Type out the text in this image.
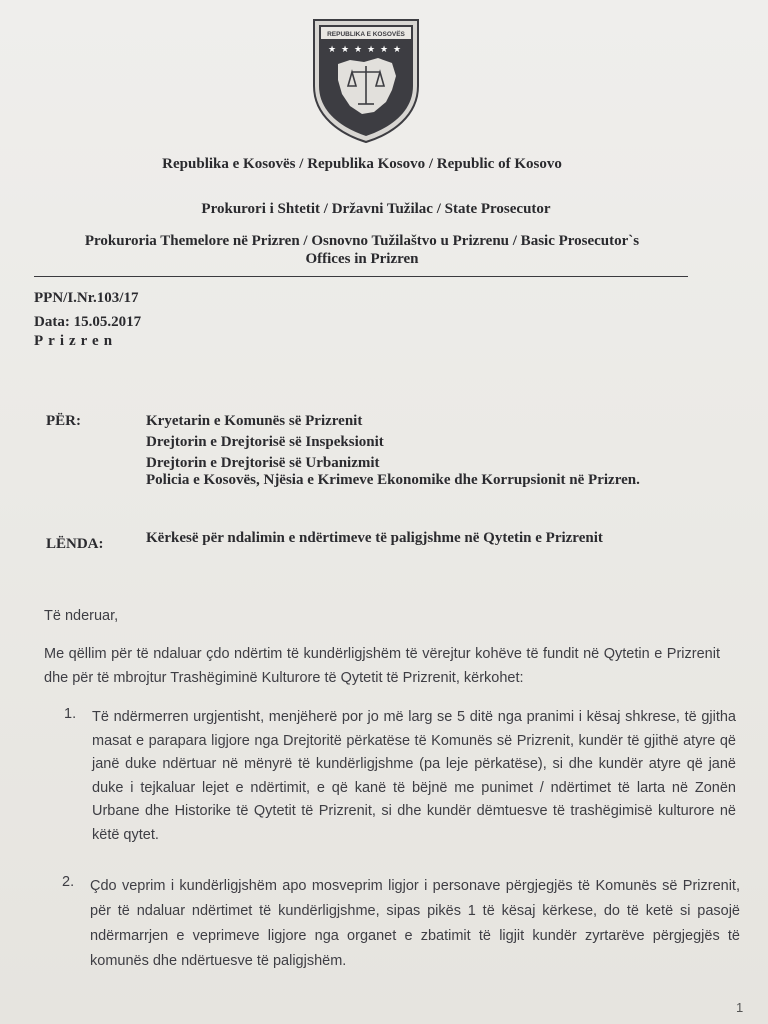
REPUBLIKA E KOSOVËS
★ ★ ★ ★ ★ ★
Republika e Kosovës / Republika Kosovo / Republic of Kosovo
Prokurori i Shtetit / Državni Tužilac / State Prosecutor
Prokuroria Themelore në Prizren / Osnovno Tužilaštvo u Prizrenu / Basic Prosecutor`s Offices in Prizren
PPN/I.Nr.103/17
Data: 15.05.2017
Prizren
PËR:	Kryetarin e Komunës së Prizrenit
Drejtorin e Drejtorisë së Inspeksionit
Drejtorin e Drejtorisë së Urbanizmit
Policia e Kosovës, Njësia e Krimeve Ekonomike dhe Korrupsionit në Prizren.
LËNDA:	Kërkesë për ndalimin e ndërtimeve të paligjshme në Qytetin e Prizrenit
Të nderuar,
Me qëllim për të ndaluar çdo ndërtim të kundërligjshëm të vërejtur kohëve të fundit në Qytetin e Prizrenit dhe për të mbrojtur Trashëgiminë Kulturore të Qytetit të Prizrenit, kërkohet:
1. Të ndërmerren urgjentisht, menjëherë por jo më larg se 5 ditë nga pranimi i kësaj shkrese, të gjitha masat e parapara ligjore nga Drejtoritë përkatëse të Komunës së Prizrenit, kundër të gjithë atyre që janë duke ndërtuar në mënyrë të kundërligjshme (pa leje përkatëse), si dhe kundër atyre që janë duke i tejkaluar lejet e ndërtimit, e që kanë të bëjnë me punimet / ndërtimet të larta në Zonën Urbane dhe Historike të Qytetit të Prizrenit, si dhe kundër dëmtuesve të trashëgimisë kulturore në këtë qytet.
2. Çdo veprim i kundërligjshëm apo mosveprim ligjor i personave përgjegjës të Komunës së Prizrenit, për të ndaluar ndërtimet të kundërligjshme, sipas pikës 1 të kësaj kërkese, do të ketë si pasojë ndërmarrjen e veprimeve ligjore nga organet e zbatimit të ligjit kundër zyrtarëve përgjegjës të komunës dhe ndërtuesve të paligjshëm.
1
